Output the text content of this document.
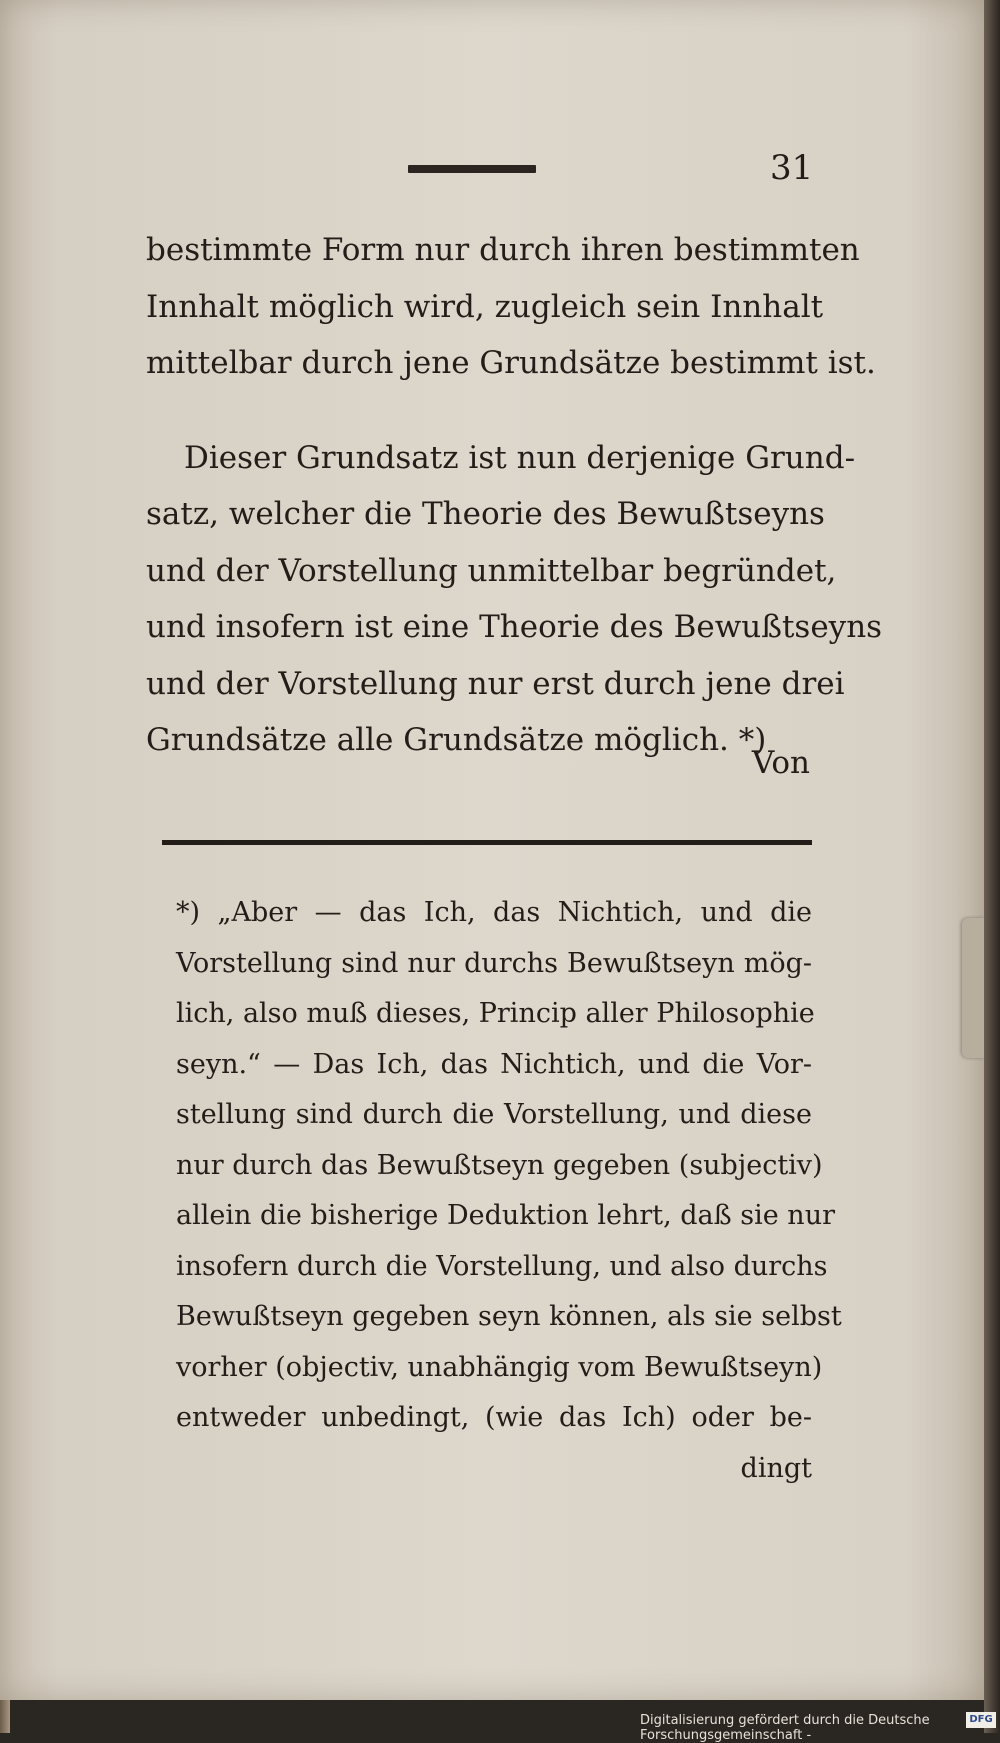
31
bestimmte Form nur durch ihren bestimmten
Innhalt möglich wird, zugleich sein Innhalt
mittelbar durch jene Grundsätze bestimmt ist.
Dieser Grundsatz ist nun derjenige Grund-
satz, welcher die Theorie des Bewußtseyns
und der Vorstellung unmittelbar begründet,
und insofern ist eine Theorie des Bewußtseyns
und der Vorstellung nur erst durch jene drei
Grundsätze alle Grundsätze möglich. *)
Von
*) „Aber — das Ich, das Nichtich, und die
Vorstellung sind nur durchs Bewußtseyn mög-
lich, also muß dieses, Princip aller Philosophie
seyn.“ — Das Ich, das Nichtich, und die Vor-
stellung sind durch die Vorstellung, und diese
nur durch das Bewußtseyn gegeben (subjectiv)
allein die bisherige Deduktion lehrt, daß sie nur
insofern durch die Vorstellung, und also durchs
Bewußtseyn gegeben seyn können, als sie selbst
vorher (objectiv, unabhängig vom Bewußtseyn)
entweder unbedingt, (wie das Ich) oder be-
dingt
Digitalisierung gefördert durch die Deutsche Forschungsgemeinschaft -
DFG
